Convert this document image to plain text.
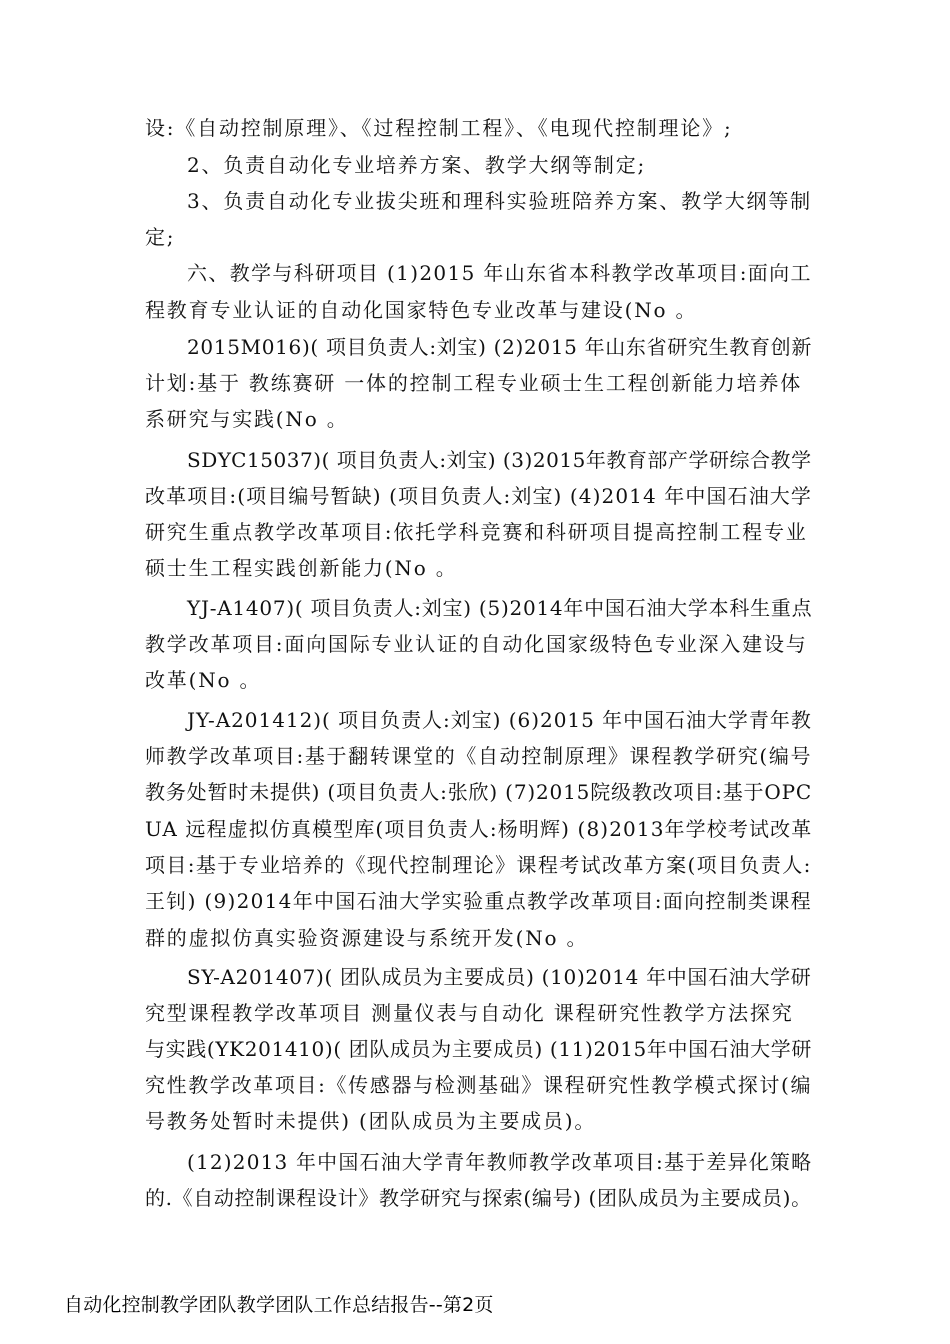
设:《自动控制原理》、《过程控制工程》、《电现代控制理论》;
2、负责自动化专业培养方案、教学大纲等制定;
3、负责自动化专业拔尖班和理科实验班陪养方案、教学大纲等制
定;
六、教学与科研项目 (1)2015 年山东省本科教学改革项目:面向工
程教育专业认证的自动化国家特色专业改革与建设(No 。
2015M016)( 项目负责人:刘宝) (2)2015 年山东省研究生教育创新
计划:基于 教练赛研 一体的控制工程专业硕士生工程创新能力培养体
系研究与实践(No 。
SDYC15037)( 项目负责人:刘宝) (3)2015年教育部产学研综合教学
改革项目:(项目编号暂缺) (项目负责人:刘宝) (4)2014 年中国石油大学
研究生重点教学改革项目:依托学科竞赛和科研项目提高控制工程专业
硕士生工程实践创新能力(No 。
YJ-A1407)( 项目负责人:刘宝) (5)2014年中国石油大学本科生重点
教学改革项目:面向国际专业认证的自动化国家级特色专业深入建设与
改革(No 。
JY-A201412)( 项目负责人:刘宝) (6)2015 年中国石油大学青年教
师教学改革项目:基于翻转课堂的《自动控制原理》课程教学研究(编号
教务处暂时未提供) (项目负责人:张欣) (7)2015院级教改项目:基于OPC
UA 远程虚拟仿真模型库(项目负责人:杨明辉) (8)2013年学校考试改革
项目:基于专业培养的《现代控制理论》课程考试改革方案(项目负责人:
王钊) (9)2014年中国石油大学实验重点教学改革项目:面向控制类课程
群的虚拟仿真实验资源建设与系统开发(No 。
SY-A201407)( 团队成员为主要成员) (10)2014 年中国石油大学研
究型课程教学改革项目 测量仪表与自动化 课程研究性教学方法探究
与实践(YK201410)( 团队成员为主要成员) (11)2015年中国石油大学研
究性教学改革项目:《传感器与检测基础》课程研究性教学模式探讨(编
号教务处暂时未提供) (团队成员为主要成员)。
(12)2013 年中国石油大学青年教师教学改革项目:基于差异化策略
的.《自动控制课程设计》教学研究与探索(编号) (团队成员为主要成员)。
自动化控制教学团队教学团队工作总结报告--第2页
